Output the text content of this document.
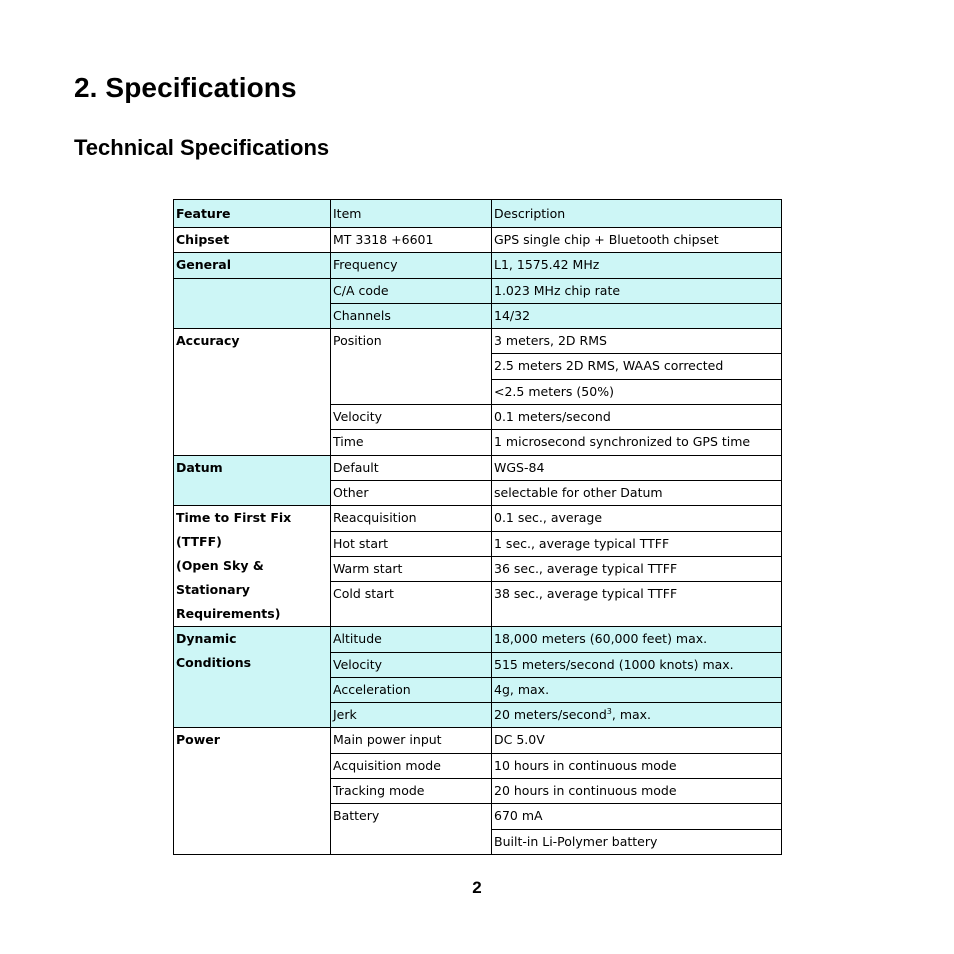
2. Specifications
Technical Specifications
Feature	Item	Description
Chipset	MT 3318 +6601	GPS single chip + Bluetooth chipset
General	Frequency	L1, 1575.42 MHz
	C/A code	1.023 MHz chip rate
	Channels	14/32
Accuracy	Position	3 meters, 2D RMS
		2.5 meters 2D RMS, WAAS corrected
		<2.5 meters (50%)
	Velocity	0.1 meters/second
	Time	1 microsecond synchronized to GPS time
Datum	Default	WGS-84
	Other	selectable for other Datum

Time to First Fix
(TTFF)
(Open Sky &
Stationary
Requirements)	Reacquisition	0.1 sec., average
	Hot start	1 sec., average typical TTFF
	Warm start	36 sec., average typical TTFF
	Cold start	38 sec., average typical TTFF

Dynamic
Conditions	Altitude	18,000 meters (60,000 feet) max.
	Velocity	515 meters/second (1000 knots) max.
	Acceleration	4g, max.
	Jerk	20 meters/second$^3$, max.
Power	Main power input	DC 5.0V
	Acquisition mode	10 hours in continuous mode
	Tracking mode	20 hours in continuous mode
	Battery	670 mA
		Built-in Li-Polymer battery

2
